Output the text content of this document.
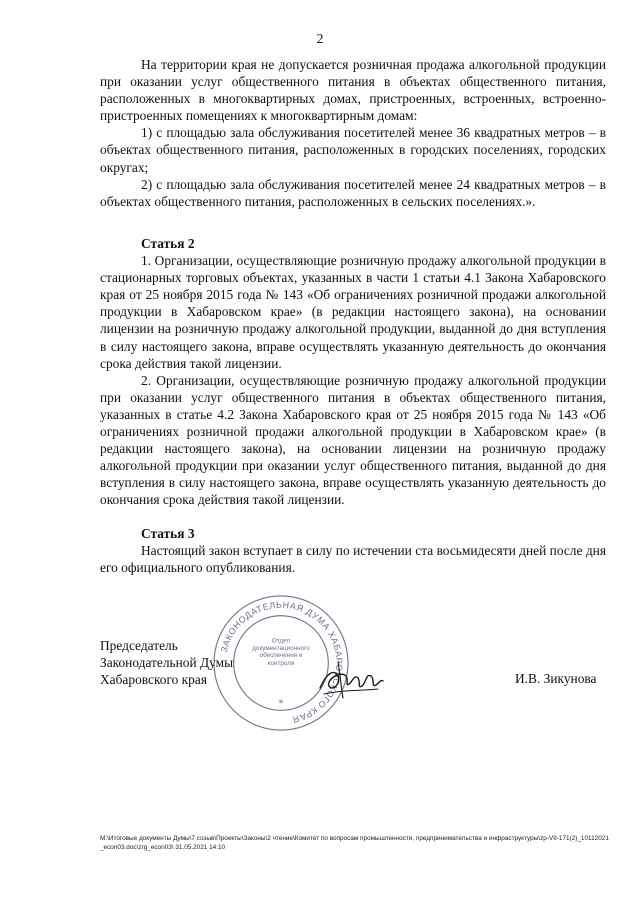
2

На территории края не допускается розничная продажа алкогольной продукции при оказании услуг общественного питания в объектах общественного питания, расположенных в многоквартирных домах, пристроенных, встроенных, встроенно-пристроенных помещениях к многоквартирным домам:

1) с площадью зала обслуживания посетителей менее 36 квадратных метров – в объектах общественного питания, расположенных в городских поселениях, городских округах;

2) с площадью зала обслуживания посетителей менее 24 квадратных метров – в объектах общественного питания, расположенных в сельских поселениях.».

Статья 2

1. Организации, осуществляющие розничную продажу алкогольной продукции в стационарных торговых объектах, указанных в части 1 статьи 4.1 Закона Хабаровского края от 25 ноября 2015 года № 143 «Об ограничениях розничной продажи алкогольной продукции в Хабаровском крае» (в редакции настоящего закона), на основании лицензии на розничную продажу алкогольной продукции, выданной до дня вступления в силу настоящего закона, вправе осуществлять указанную деятельность до окончания срока действия такой лицензии.

2. Организации, осуществляющие розничную продажу алкогольной продукции при оказании услуг общественного питания в объектах общественного питания, указанных в статье 4.2 Закона Хабаровского края от 25 ноября 2015 года № 143 «Об ограничениях розничной продажи алкогольной продукции в Хабаровском крае» (в редакции настоящего закона), на основании лицензии на розничную продажу алкогольной продукции при оказании услуг общественного питания, выданной до дня вступления в силу настоящего закона, вправе осуществлять указанную деятельность до окончания срока действия такой лицензии.

Статья 3

Настоящий закон вступает в силу по истечении ста восьмидесяти дней после дня его официального опубликования.

Председатель
Законодательной Думы
Хабаровского края	И.В. Зикунова
ЗАКОНОДАТЕЛЬНАЯ ДУМА ХАБАРОВСКОГО КРАЯ
Отдел документационного обеспечения и контроля
*
M:\Итоговые документы Думы\7 созыв\Проекты\Законы\2 чтение\Комитет по вопросам промышленности, предпринимательства и инфраструктуры\zp-VII-171(2)_10112021_econ03.doc\zrg_econ03\ 31.05.2021 14:10
